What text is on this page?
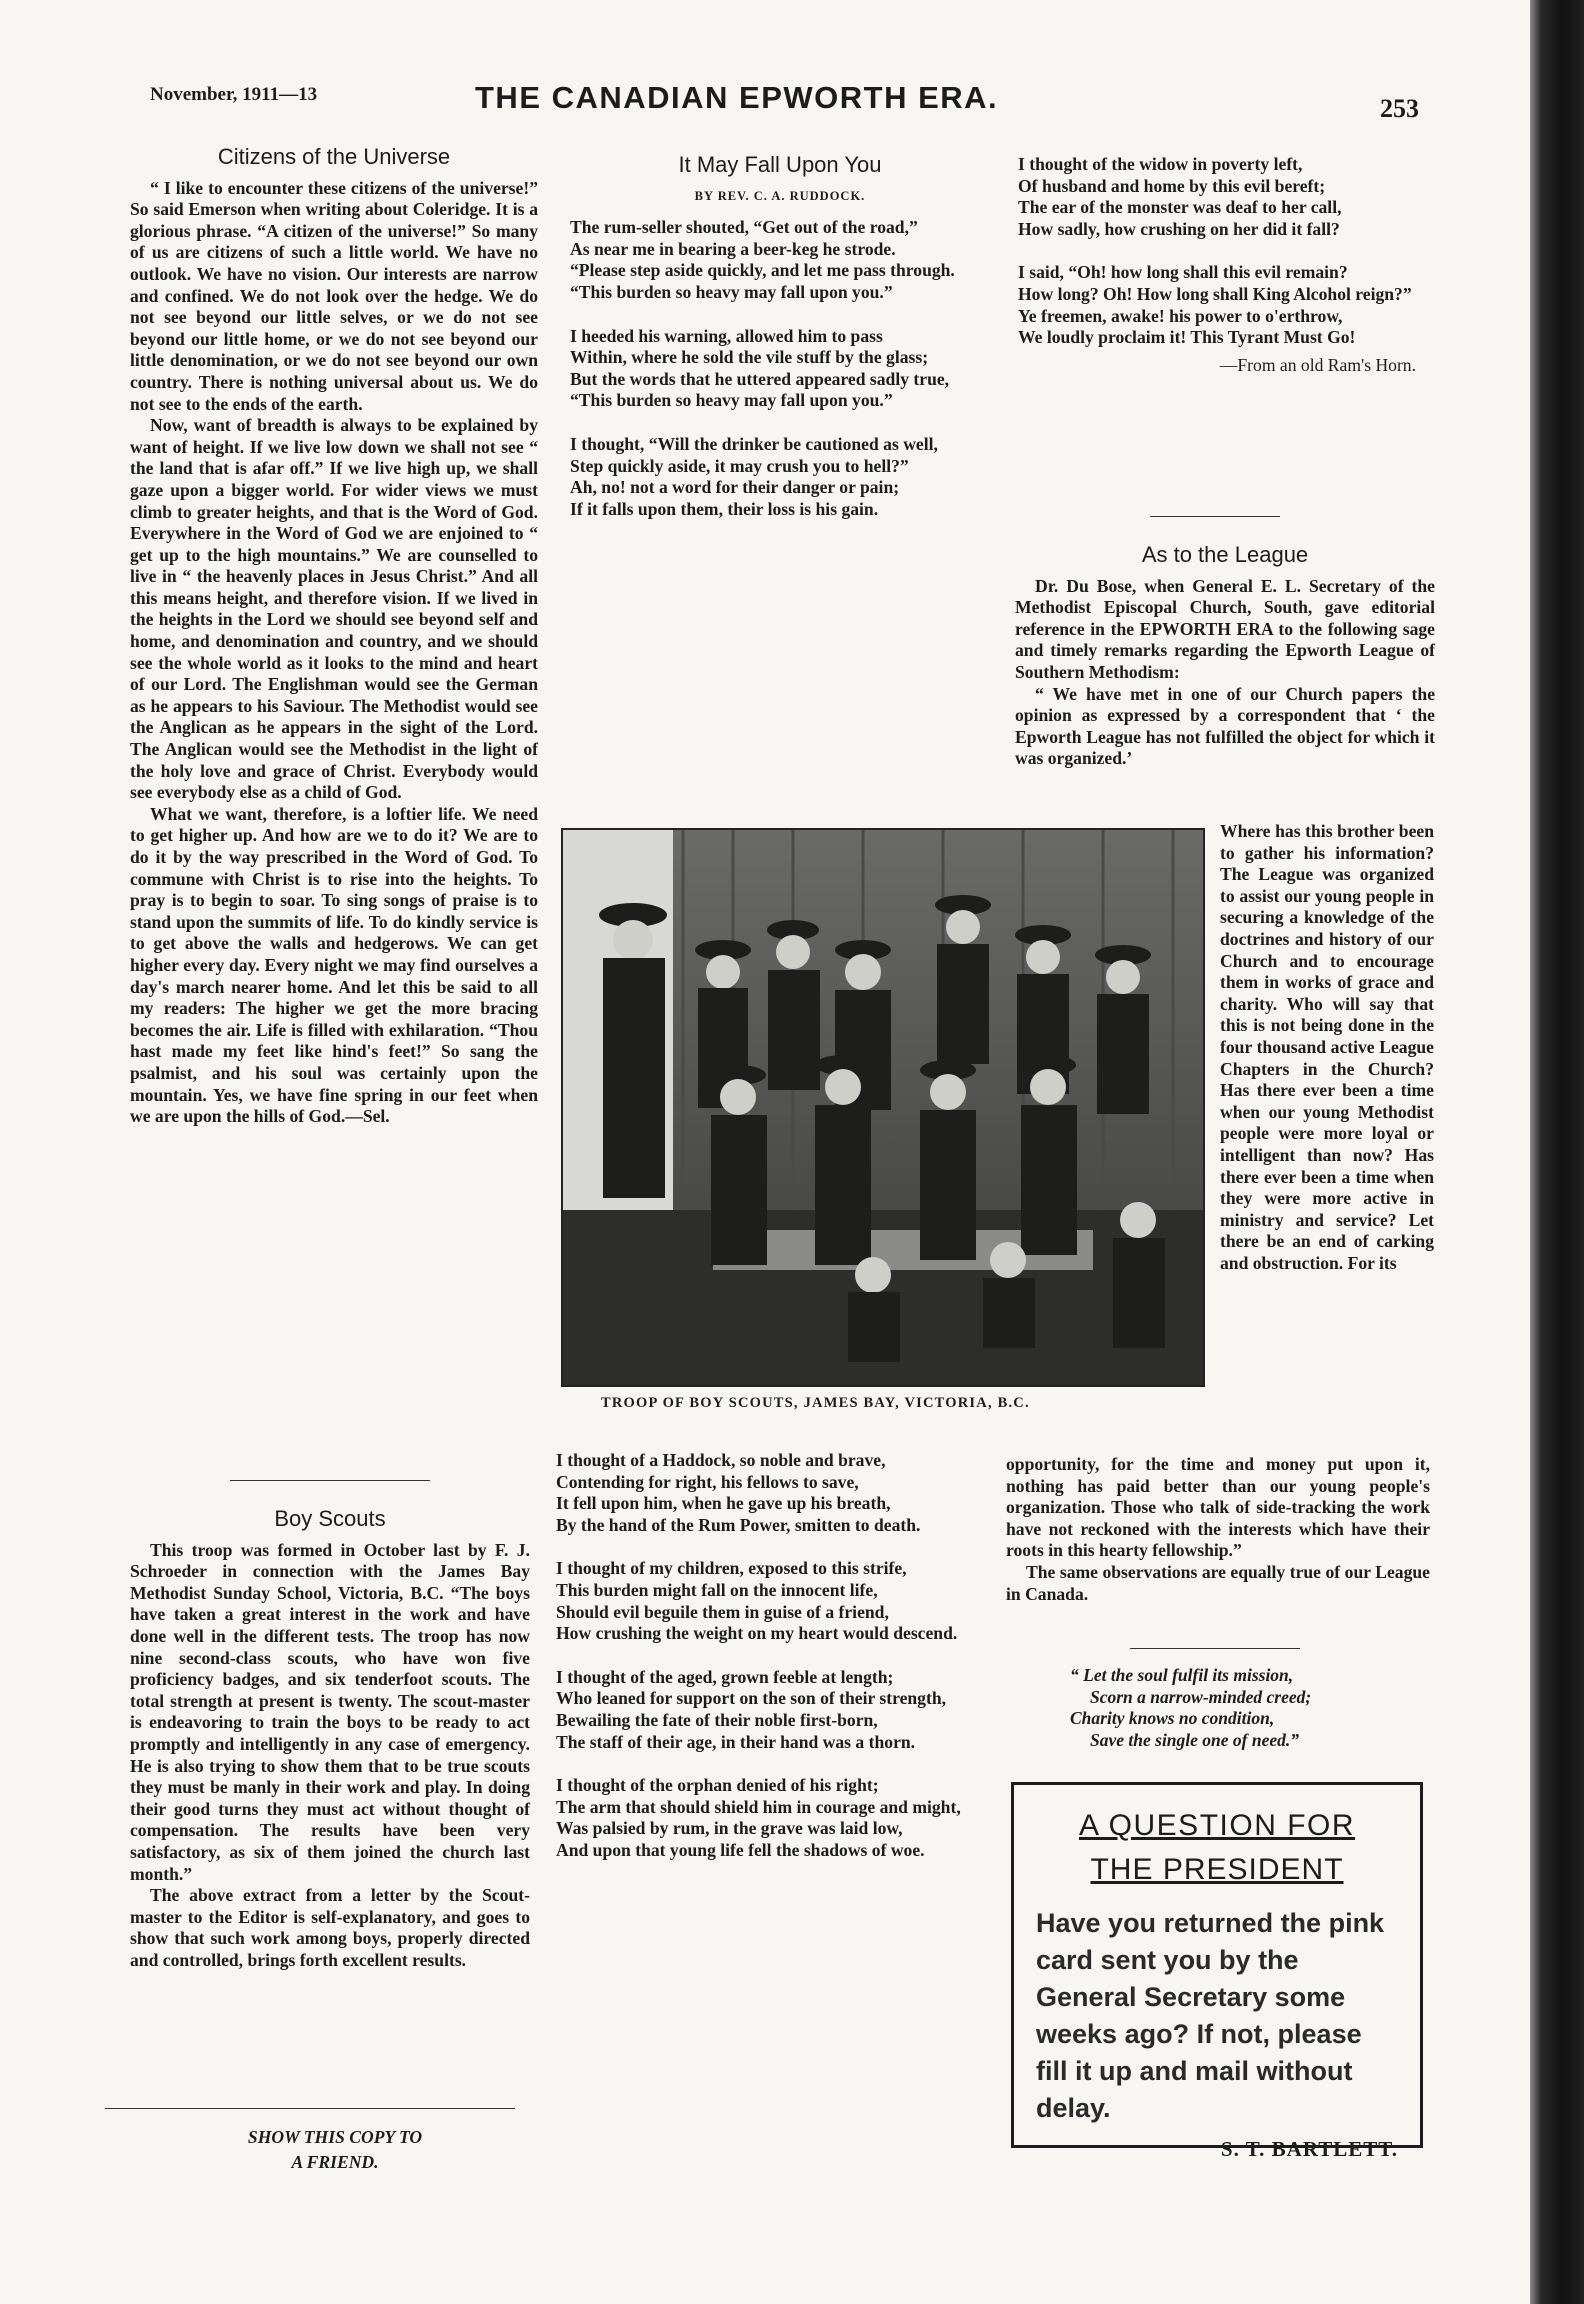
November, 1911—13	THE CANADIAN EPWORTH ERA.	253
Citizens of the Universe

“ I like to encounter these citizens of the universe!” So said Emerson when writing about Coleridge. It is a glorious phrase. “A citizen of the universe!” So many of us are citizens of such a little world. We have no outlook. We have no vision. Our interests are narrow and confined. We do not look over the hedge. We do not see beyond our little selves, or we do not see beyond our little home, or we do not see beyond our little denomination, or we do not see beyond our own country. There is nothing universal about us. We do not see to the ends of the earth.

Now, want of breadth is always to be explained by want of height. If we live low down we shall not see “ the land that is afar off.” If we live high up, we shall gaze upon a bigger world. For wider views we must climb to greater heights, and that is the Word of God. Everywhere in the Word of God we are enjoined to “ get up to the high mountains.” We are counselled to live in “ the heavenly places in Jesus Christ.” And all this means height, and therefore vision. If we lived in the heights in the Lord we should see beyond self and home, and denomination and country, and we should see the whole world as it looks to the mind and heart of our Lord. The Englishman would see the German as he appears to his Saviour. The Methodist would see the Anglican as he appears in the sight of the Lord. The Anglican would see the Methodist in the light of the holy love and grace of Christ. Everybody would see everybody else as a child of God.

What we want, therefore, is a loftier life. We need to get higher up. And how are we to do it? We are to do it by the way prescribed in the Word of God. To commune with Christ is to rise into the heights. To pray is to begin to soar. To sing songs of praise is to stand upon the summits of life. To do kindly service is to get above the walls and hedgerows. We can get higher every day. Every night we may find ourselves a day's march nearer home. And let this be said to all my readers: The higher we get the more bracing becomes the air. Life is filled with exhilaration. “Thou hast made my feet like hind's feet!” So sang the psalmist, and his soul was certainly upon the mountain. Yes, we have fine spring in our feet when we are upon the hills of God.—Sel.

Boy Scouts

This troop was formed in October last by F. J. Schroeder in connection with the James Bay Methodist Sunday School, Victoria, B.C. “The boys have taken a great interest in the work and have done well in the different tests. The troop has now nine second-class scouts, who have won five proficiency badges, and six tenderfoot scouts. The total strength at present is twenty. The scout-master is endeavoring to train the boys to be ready to act promptly and intelligently in any case of emergency. He is also trying to show them that to be true scouts they must be manly in their work and play. In doing their good turns they must act without thought of compensation. The results have been very satisfactory, as six of them joined the church last month.”

The above extract from a letter by the Scout-master to the Editor is self-explanatory, and goes to show that such work among boys, properly directed and controlled, brings forth excellent results.

SHOW THIS COPY TO
A FRIEND.
It May Fall Upon You
BY REV. C. A. RUDDOCK.
The rum-seller shouted, “Get out of the road,”
As near me in bearing a beer-keg he strode.
“Please step aside quickly, and let me pass through.
“This burden so heavy may fall upon you.”
I heeded his warning, allowed him to pass
Within, where he sold the vile stuff by the glass;
But the words that he uttered appeared sadly true,
“This burden so heavy may fall upon you.”
I thought, “Will the drinker be cautioned as well,
Step quickly aside, it may crush you to hell?”
Ah, no! not a word for their danger or pain;
If it falls upon them, their loss is his gain.
TROOP OF BOY SCOUTS, JAMES BAY, VICTORIA, B.C.
I thought of a Haddock, so noble and brave,
Contending for right, his fellows to save,
It fell upon him, when he gave up his breath,
By the hand of the Rum Power, smitten to death.
I thought of my children, exposed to this strife,
This burden might fall on the innocent life,
Should evil beguile them in guise of a friend,
How crushing the weight on my heart would descend.
I thought of the aged, grown feeble at length;
Who leaned for support on the son of their strength,
Bewailing the fate of their noble first-born,
The staff of their age, in their hand was a thorn.
I thought of the orphan denied of his right;
The arm that should shield him in courage and might,
Was palsied by rum, in the grave was laid low,
And upon that young life fell the shadows of woe.
I thought of the widow in poverty left,
Of husband and home by this evil bereft;
The ear of the monster was deaf to her call,
How sadly, how crushing on her did it fall?
I said, “Oh! how long shall this evil remain?
How long? Oh! How long shall King Alcohol reign?”
Ye freemen, awake! his power to o'erthrow,
We loudly proclaim it! This Tyrant Must Go!
—From an old Ram's Horn.
As to the League

Dr. Du Bose, when General E. L. Secretary of the Methodist Episcopal Church, South, gave editorial reference in the EPWORTH ERA to the following sage and timely remarks regarding the Epworth League of Southern Methodism:

“ We have met in one of our Church papers the opinion as expressed by a correspondent that ‘ the Epworth League has not fulfilled the object for which it was organized.’

Where has this brother been to gather his information? The League was organized to assist our young people in securing a knowledge of the doctrines and history of our Church and to encourage them in works of grace and charity. Who will say that this is not being done in the four thousand active League Chapters in the Church? Has there ever been a time when our young Methodist people were more loyal or intelligent than now? Has there ever been a time when they were more active in ministry and service? Let there be an end of carking and obstruction. For its

opportunity, for the time and money put upon it, nothing has paid better than our young people's organization. Those who talk of side-tracking the work have not reckoned with the interests which have their roots in this hearty fellowship.”

The same observations are equally true of our League in Canada.

“ Let the soul fulfil its mission,
Scorn a narrow-minded creed;
Charity knows no condition,
Save the single one of need.”
A QUESTION FOR
THE PRESIDENT
Have you returned the pink card sent you by the General Secretary some weeks ago? If not, please fill it up and mail without delay.
S. T. BARTLETT.
